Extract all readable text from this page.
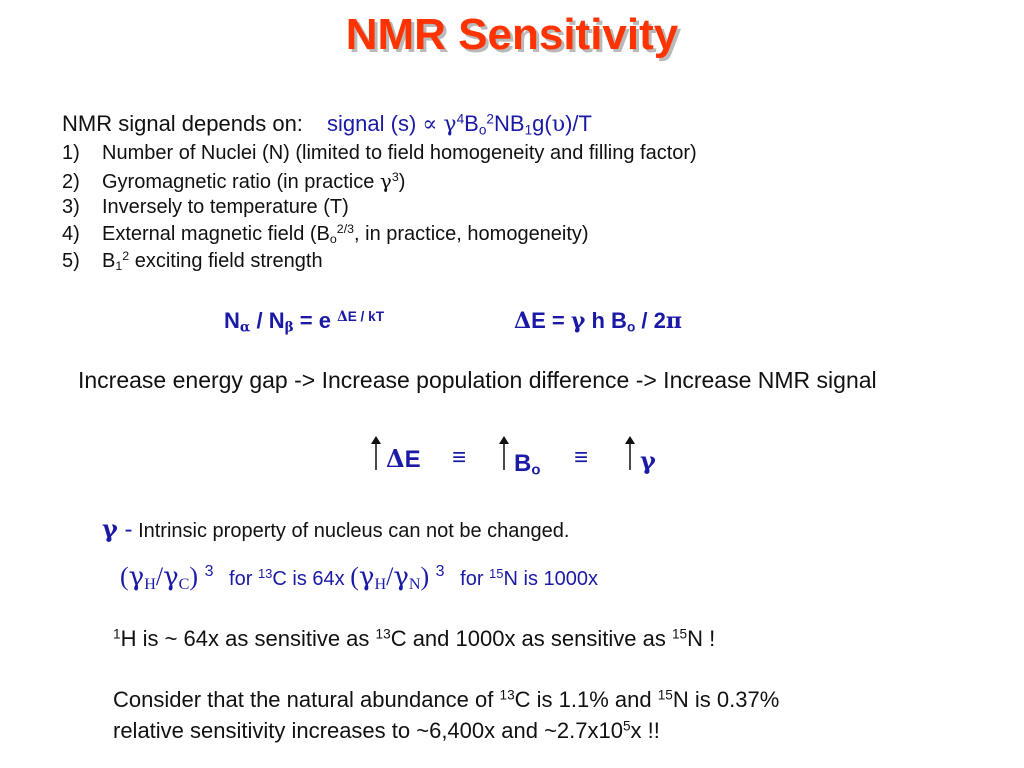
NMR Sensitivity
NMR signal depends on: signal $(s) \propto \gamma^4B_o^2NB_1g(\upsilon)/T$
1) Number of Nuclei (N) (limited to field homogeneity and filling factor)
2) Gyromagnetic ratio (in practice $\gamma^3$)
3) Inversely to temperature (T)
4) External magnetic field ($B_o^{2/3}$, in practice, homogeneity)
5) $B_1^2$ exciting field strength
$N_\alpha / N_\beta = e$ $^{\Delta E / kT}$	ΔE = γ h $B_o / 2\pi$
Increase energy gap -> Increase population difference -> Increase NMR signal
$\Delta E \equiv B_o \equiv \gamma$
γ - Intrinsic property of nucleus can not be changed.
$(\gamma_H/\gamma_C)$ $^3$ for $^{13}$C is 64x $(\gamma_H/\gamma_N)$ $^3$ for $^{15}$N is 1000x
$^1$H is ~ 64x as sensitive as $^{13}$C and 1000x as sensitive as $^{15}$N !
Consider that the natural abundance of $^{13}$C is 1.1% and $^{15}$N is 0.37%
relative sensitivity increases to ~6,400x and $\sim 2.7x10^5x$ !!
